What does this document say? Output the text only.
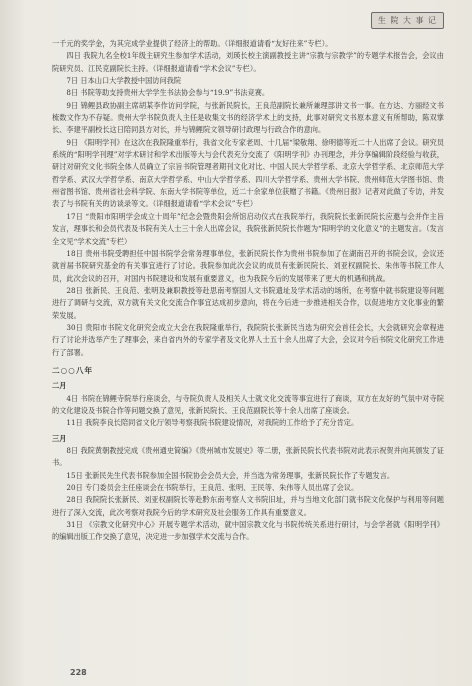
生 院 大 事 记

一千元的奖学金，为其完成学业提供了经济上的帮助。（详细报道请看“友好往来”专栏）。

四日 我院九名全校1年级主研究生参加学术活动，刘瑛长校主演副教授主讲“宗教与宗教学”的专题学术报告会，会议由院研究员、江民克副院长主持。（详细报道请看“学术会议”专栏）。

7日 日本山口大学教授中国访问我院

8日 书院等助支持贵州大学学生书法协会参与“19.9”书法竞赛。

9日 锦鲤县政协副主席胡某李作访问学院，与张新民院长，王良范副院长兼所兼理部讲文书一事。在方达、方丽经文书梳数文作为不存疑。贵州大学书院负责人主任是收集文书的经济学术上的支持，此事对研究文书原本意义有所帮助，陈双掌长、李建平副校长这日陪同县方对长，并与锦鲤院文领导研讨政理与行政合作的意向。

9日 《阳明学刊》在这次在我院隆重举行，我省文化专家老周、十几届“梁敬翔、徐明德等近二十人出席了会议。研究员系统的“阳明学刊理”对学术研讨和学术出版等大与会代表充分交流了《阳明学刊》办刊理念，并分享编辑阶段经验与收获，研讨对研究文化书院全体人员确立了宗旨书院管理者期刊文化对比、中国人民大学哲学系、北京大学哲学系、北京师范大学哲学系、武汉大学哲学系、南京大学哲学系、中山大学哲学系、四川大学哲学系、贵州大学书院、贵州师范大学图书馆、贵州省图书馆、贵州省社会科学院、东南大学书院等单位，近二十余家单位获赠了书籍。《贵州日报》记者对此做了专访，并发表了与书院有关的访谈录等文。（详细报道请看“学术会议”专栏）

17日 “贵阳市阳明学会成立十周年”纪念会暨贵阳会所馆启动仪式在我院举行，我院院长张新民院长应邀与会并作主旨发言，理事长和会员代表及书院有关人士三十余人出席会议，我院张新民院长作题为“阳明学的文化意义”的主题发言。（发言全文见“学术交流”专栏）

18日 贵州书院受聘担任中国书院学会常务理事单位，张新民院长作为贵州书院参加了在湖南召开的书院会议，会议还就首届书院研究基金的有关事宜进行了讨论。我院参加此次会议的成员有张新民院长、刘亚权副院长、朱伟等书院工作人员，此次会议的召开，对国内书院建设和发展有重要意义，也为我院今后的发展带来了更大的机遇和挑战。

28日 张新民、王良范、张明及兼职教授等赴思南考察国人文书院遗址及学术活动的场所，在考察中就书院建设等问题进行了调研与交流，双方就有关文化交流合作事宜达成初步意向，将在今后进一步推进相关合作，以促进地方文化事业的繁荣发展。

30日 贵阳市书院文化研究会成立大会在我院隆重举行，我院院长张新民当选为研究会首任会长，大会就研究会章程进行了讨论并选举产生了理事会，来自省内外的专家学者及文化界人士五十余人出席了大会，会议对今后书院文化研究工作进行了部署。

二○○八年

二月

4日 书院在锦鲤寺院举行座谈会，与寺院负责人及相关人士就文化交流等事宜进行了商谈，双方在友好的气氛中对寺院的文化建设及书院合作等问题交换了意见，张新民院长、王良范副院长等十余人出席了座谈会。

11日 我院李良长陪同省文化厅领导考察我院书院建设情况，对我院的工作给予了充分肯定。

三月

8日 我院黄朝教授完成《贵州通史简编》《贵州城市发展史》等二册，张新民院长代表书院对此表示祝贺并向其颁发了证书。

15日 张新民先生代表书院参加全国书院协会会员大会，并当选为常务理事，张新民院长作了专题发言。

20日 专门委员会主任座谈会在书院举行，王良范、张明、王民等、朱伟等人员出席了会议。

28日 我院院长张新民、刘亚权副院长等赴黔东南考察人文书院旧址，并与当地文化部门就书院文化保护与利用等问题进行了深入交流，此次考察对我院今后的学术研究及社会服务工作具有重要意义。

31日 《宗教文化研究中心》开展专题学术活动，就中国宗教文化与书院传统关系进行研讨，与会学者就《阳明学刊》的编辑出版工作交换了意见，决定进一步加强学术交流与合作。

228
